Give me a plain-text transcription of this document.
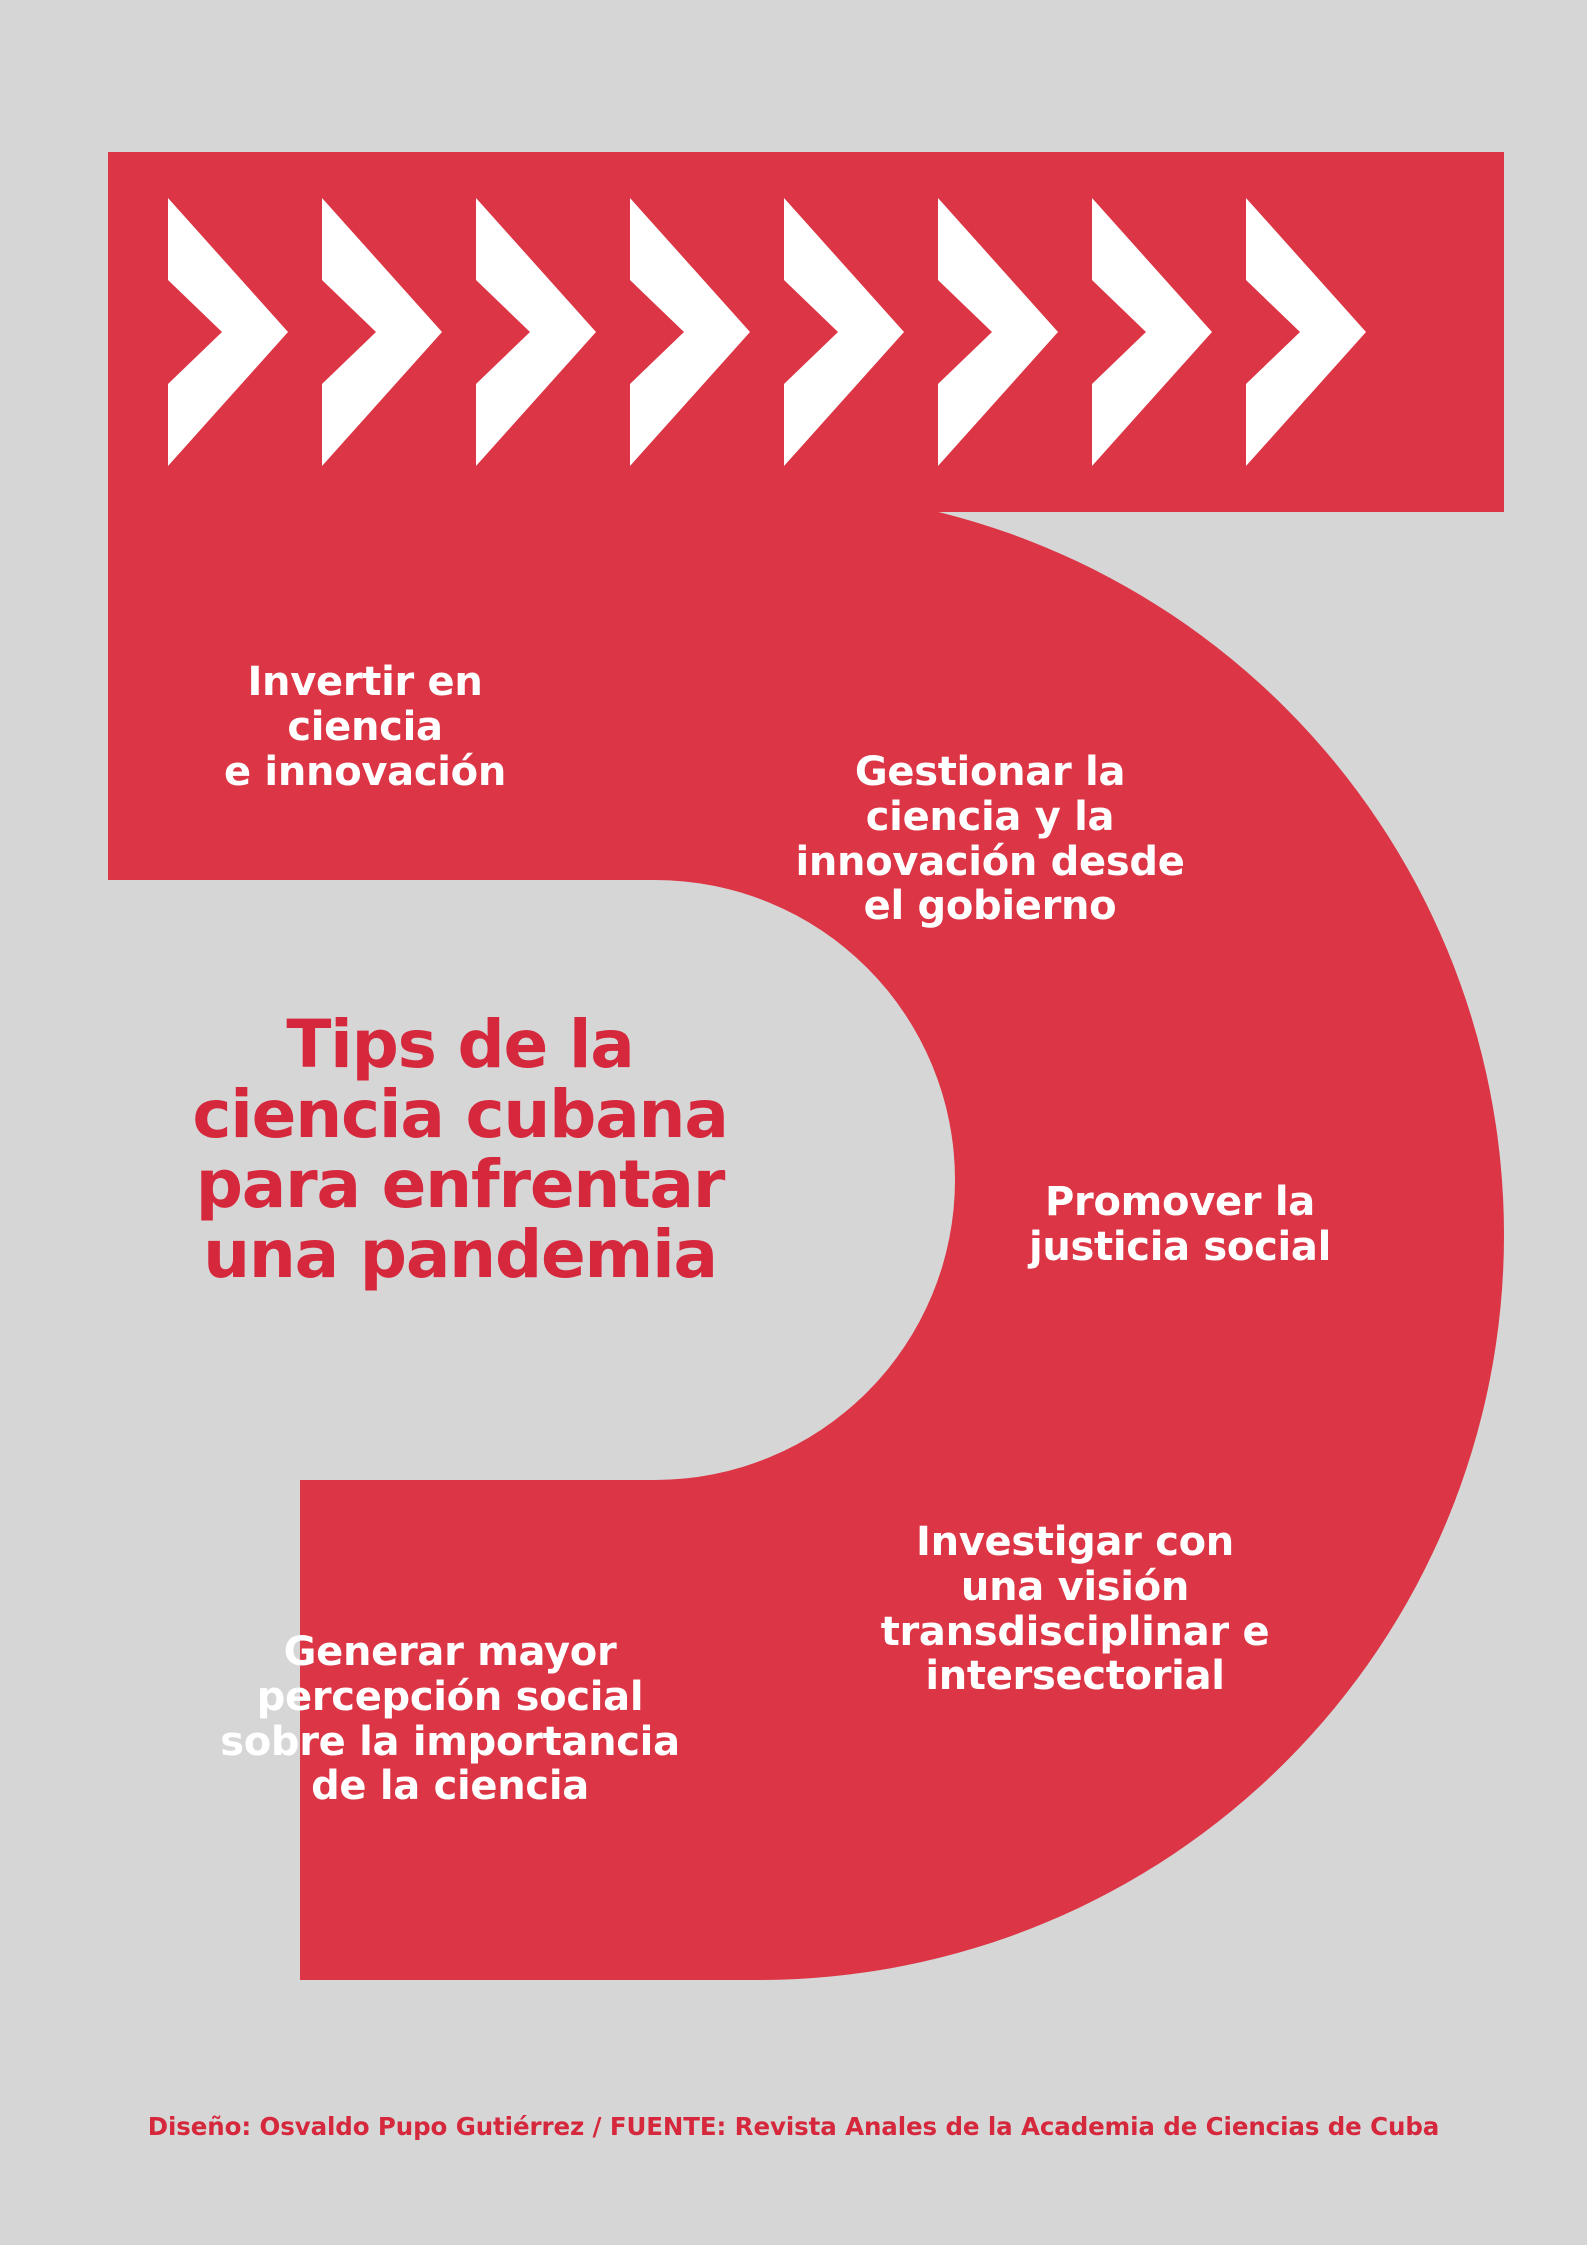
Invertir en
ciencia
e innovación	Gestionar la
ciencia y la
innovación desde
el gobierno
Promover la
justicia social
Investigar con
una visión
transdisciplinar e
intersectorial
Generar mayor
percepción social
sobre la importancia
de la ciencia
Tips de la
ciencia cubana
para enfrentar
una pandemia
Diseño: Osvaldo Pupo Gutiérrez / FUENTE: Revista Anales de la Academia de Ciencias de Cuba
